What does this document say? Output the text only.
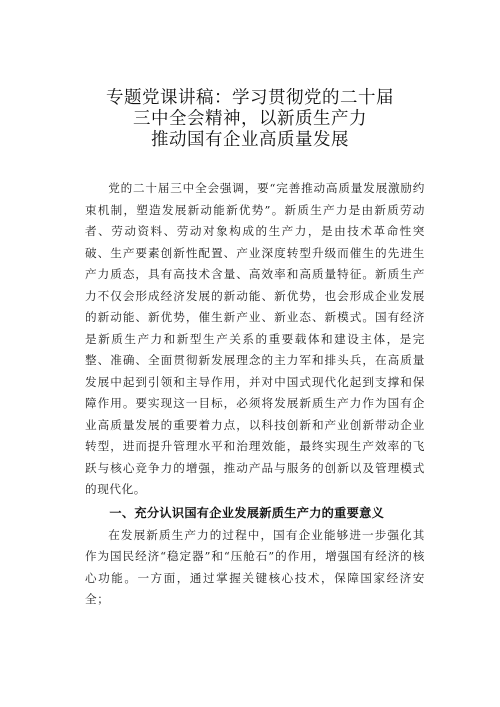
专题党课讲稿：学习贯彻党的二十届
三中全会精神，以新质生产力
推动国有企业高质量发展

党的二十届三中全会强调，要“完善推动高质量发展激励约束机制，塑造发展新动能新优势”。新质生产力是由新质劳动者、劳动资料、劳动对象构成的生产力，是由技术革命性突破、生产要素创新性配置、产业深度转型升级而催生的先进生产力质态，具有高技术含量、高效率和高质量特征。新质生产力不仅会形成经济发展的新动能、新优势，也会形成企业发展的新动能、新优势，催生新产业、新业态、新模式。国有经济是新质生产力和新型生产关系的重要载体和建设主体，是完整、准确、全面贯彻新发展理念的主力军和排头兵，在高质量发展中起到引领和主导作用，并对中国式现代化起到支撑和保障作用。要实现这一目标，必须将发展新质生产力作为国有企业高质量发展的重要着力点，以科技创新和产业创新带动企业转型，进而提升管理水平和治理效能，最终实现生产效率的飞跃与核心竞争力的增强，推动产品与服务的创新以及管理模式的现代化。

一、充分认识国有企业发展新质生产力的重要意义

在发展新质生产力的过程中，国有企业能够进一步强化其作为国民经济“稳定器”和“压舱石”的作用，增强国有经济的核心功能。一方面，通过掌握关键核心技术，保障国家经济安全；
